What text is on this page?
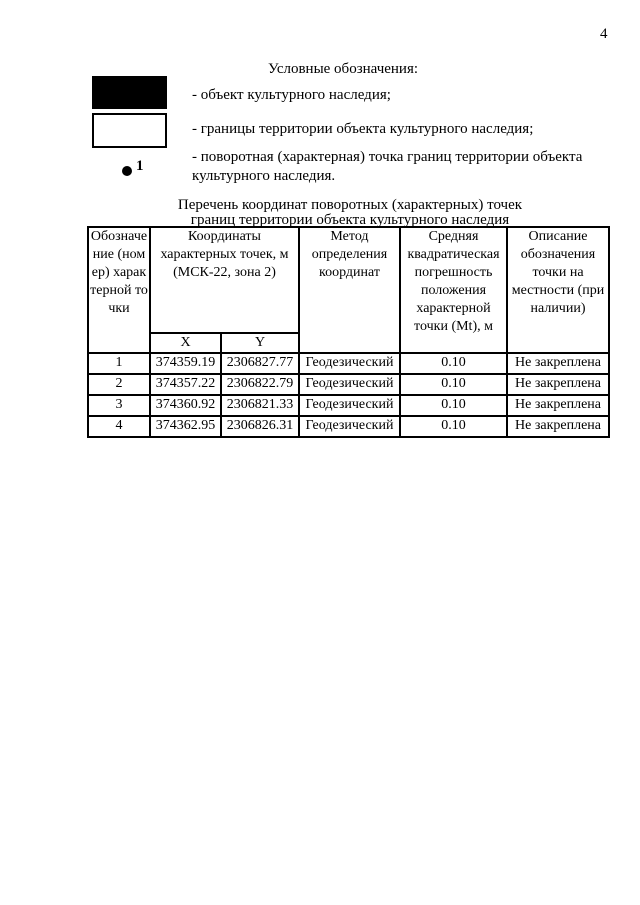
4
Условные обозначения:
- объект культурного наследия;
- границы территории объекта культурного наследия;
1
- поворотная (характерная) точка границ территории объекта культурного наследия.
Перечень координат поворотных (характерных) точек
границ территории объекта культурного наследия
Обозначение (номер) характерной точки	Координаты характерных точек, м (МСК-22, зона 2)		Метод определения координат	Средняя квадратическая погрешность положения характерной точки (Mt), м	Описание обозначения точки на местности (при наличии)
	X	Y			
1	374359.19	2306827.77	Геодезический	0.10	Не закреплена
2	374357.22	2306822.79	Геодезический	0.10	Не закреплена
3	374360.92	2306821.33	Геодезический	0.10	Не закреплена
4	374362.95	2306826.31	Геодезический	0.10	Не закреплена
